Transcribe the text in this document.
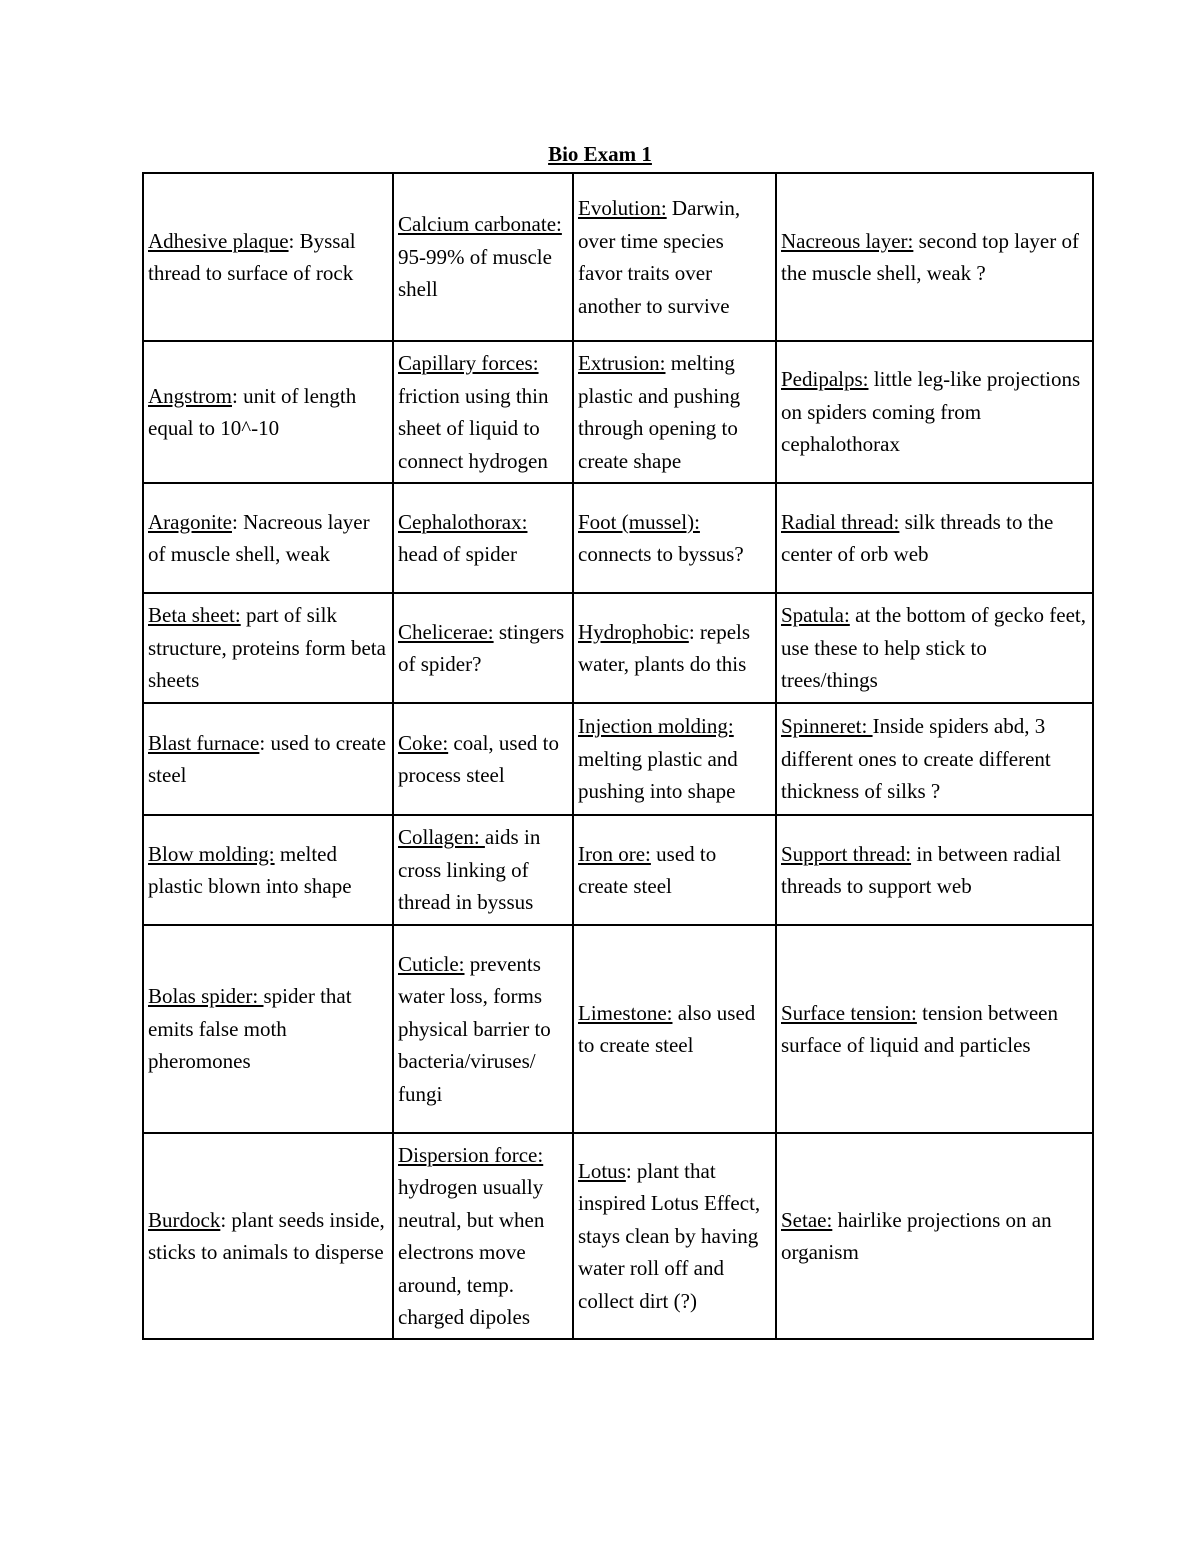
Bio Exam 1
Adhesive plaque: Byssal thread to surface of rock	Calcium carbonate: 95-99% of muscle shell	Evolution: Darwin, over time species favor traits over another to survive	Nacreous layer: second top layer of the muscle shell, weak ?
Angstrom: unit of length equal to 10^-10	Capillary forces: friction using thin sheet of liquid to connect hydrogen	Extrusion: melting plastic and pushing through opening to create shape	Pedipalps: little leg-like projections on spiders coming from cephalothorax
Aragonite: Nacreous layer of muscle shell, weak	Cephalothorax: head of spider	Foot (mussel): connects to byssus?	Radial thread: silk threads to the center of orb web
Beta sheet: part of silk structure, proteins form beta sheets	Chelicerae: stingers of spider?	Hydrophobic: repels water, plants do this	Spatula: at the bottom of gecko feet, use these to help stick to trees/things
Blast furnace: used to create steel	Coke: coal, used to process steel	Injection molding: melting plastic and pushing into shape	Spinneret: Inside spiders abd, 3 different ones to create different thickness of silks ?
Blow molding: melted plastic blown into shape	Collagen: aids in cross linking of thread in byssus	Iron ore: used to create steel	Support thread: in between radial threads to support web
Bolas spider: spider that emits false moth pheromones	Cuticle: prevents water loss, forms physical barrier to bacteria/viruses/ fungi	Limestone: also used to create steel	Surface tension: tension between surface of liquid and particles
Burdock: plant seeds inside, sticks to animals to disperse	Dispersion force: hydrogen usually neutral, but when electrons move around, temp. charged dipoles	Lotus: plant that inspired Lotus Effect, stays clean by having water roll off and collect dirt (?)	Setae: hairlike projections on an organism
